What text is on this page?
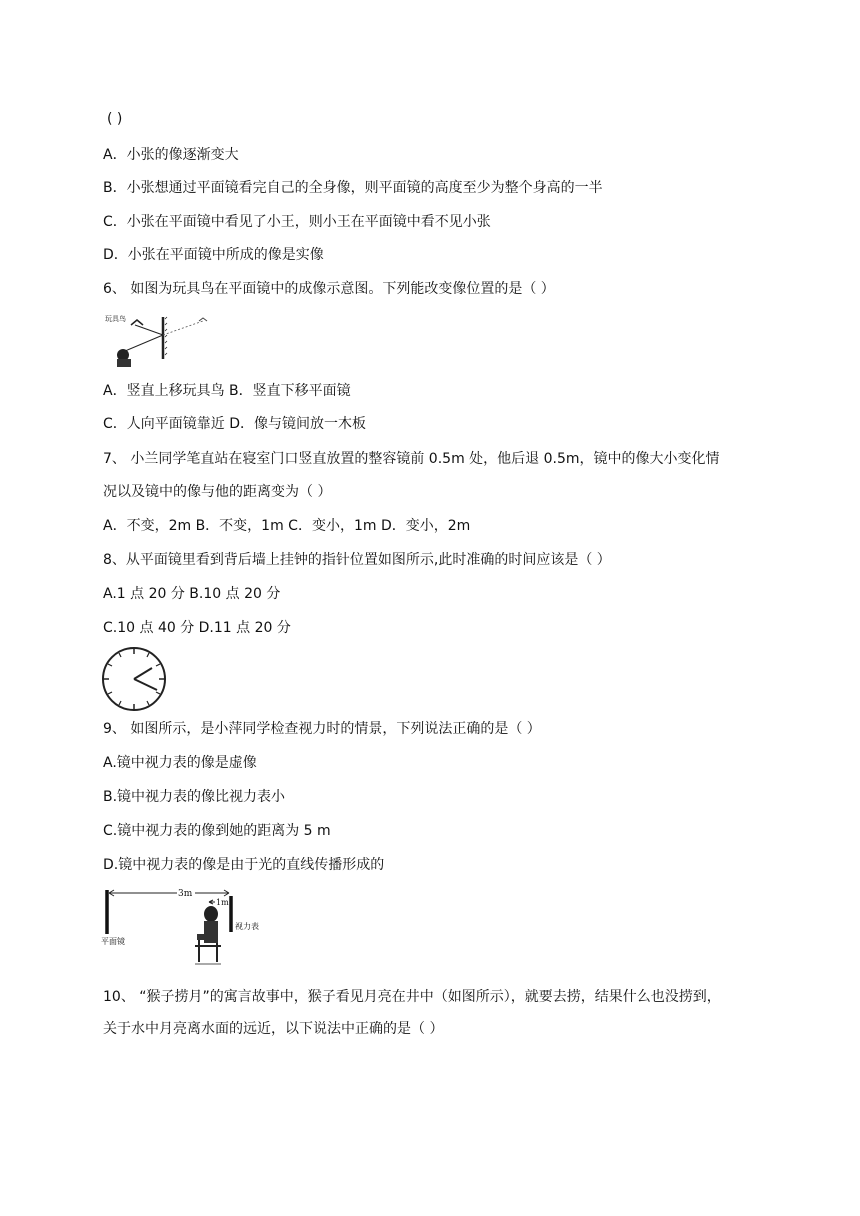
( )
A．小张的像逐渐变大
B．小张想通过平面镜看完自己的全身像，则平面镜的高度至少为整个身高的一半
C．小张在平面镜中看见了小王，则小王在平面镜中看不见小张
D．小张在平面镜中所成的像是实像
6、 如图为玩具鸟在平面镜中的成像示意图。下列能改变像位置的是（ ）
玩具鸟
A．竖直上移玩具鸟 B．竖直下移平面镜
C．人向平面镜靠近 D．像与镜间放一木板
7、 小兰同学笔直站在寝室门口竖直放置的整容镜前 0.5m 处，他后退 0.5m，镜中的像大小变化情
况以及镜中的像与他的距离变为（ ）
A．不变，2m B．不变，1m C．变小，1m D．变小，2m
8、从平面镜里看到背后墙上挂钟的指针位置如图所示,此时准确的时间应该是（ ）
A.1 点 20 分 B.10 点 20 分
C.10 点 40 分 D.11 点 20 分
9、 如图所示，是小萍同学检查视力时的情景，下列说法正确的是（ ）
A.镜中视力表的像是虚像
B.镜中视力表的像比视力表小
C.镜中视力表的像到她的距离为 5 m
D.镜中视力表的像是由于光的直线传播形成的
3m
1m
平面镜
视力表
10、 “猴子捞月”的寓言故事中，猴子看见月亮在井中（如图所示），就要去捞，结果什么也没捞到，
关于水中月亮离水面的远近，以下说法中正确的是（ ）
